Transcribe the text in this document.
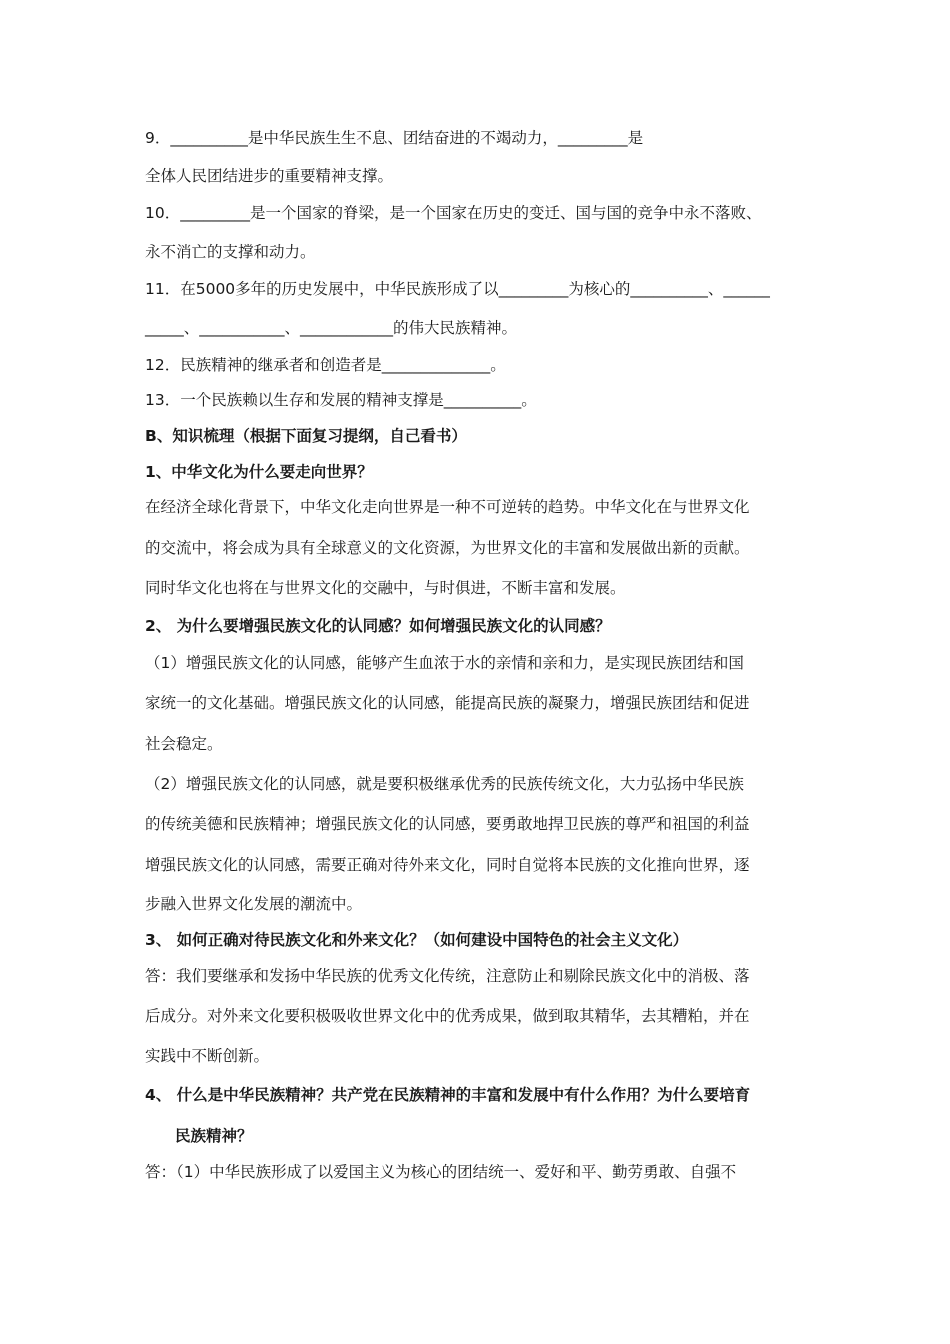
9．__________是中华民族生生不息、团结奋进的不竭动力，_________是
全体人民团结进步的重要精神支撑。
10．_________是一个国家的脊梁，是一个国家在历史的变迁、国与国的竞争中永不落败、
永不消亡的支撑和动力。
11．在5000多年的历史发展中，中华民族形成了以_________为核心的__________、______
_____、___________、____________的伟大民族精神。
12．民族精神的继承者和创造者是______________。
13．一个民族赖以生存和发展的精神支撑是__________。
B、知识梳理（根据下面复习提纲，自己看书）
1、中华文化为什么要走向世界？
在经济全球化背景下，中华文化走向世界是一种不可逆转的趋势。中华文化在与世界文化
的交流中，将会成为具有全球意义的文化资源，为世界文化的丰富和发展做出新的贡献。
同时华文化也将在与世界文化的交融中，与时俱进，不断丰富和发展。
2、 为什么要增强民族文化的认同感？如何增强民族文化的认同感？
（1）增强民族文化的认同感，能够产生血浓于水的亲情和亲和力，是实现民族团结和国
家统一的文化基础。增强民族文化的认同感，能提高民族的凝聚力，增强民族团结和促进
社会稳定。
（2）增强民族文化的认同感，就是要积极继承优秀的民族传统文化，大力弘扬中华民族
的传统美德和民族精神；增强民族文化的认同感，要勇敢地捍卫民族的尊严和祖国的利益
增强民族文化的认同感，需要正确对待外来文化，同时自觉将本民族的文化推向世界，逐
步融入世界文化发展的潮流中。
3、 如何正确对待民族文化和外来文化？（如何建设中国特色的社会主义文化）
答：我们要继承和发扬中华民族的优秀文化传统，注意防止和剔除民族文化中的消极、落
后成分。对外来文化要积极吸收世界文化中的优秀成果，做到取其精华，去其糟粕，并在
实践中不断创新。
4、 什么是中华民族精神？共产党在民族精神的丰富和发展中有什么作用？为什么要培育
民族精神？
答：（1）中华民族形成了以爱国主义为核心的团结统一、爱好和平、勤劳勇敢、自强不
